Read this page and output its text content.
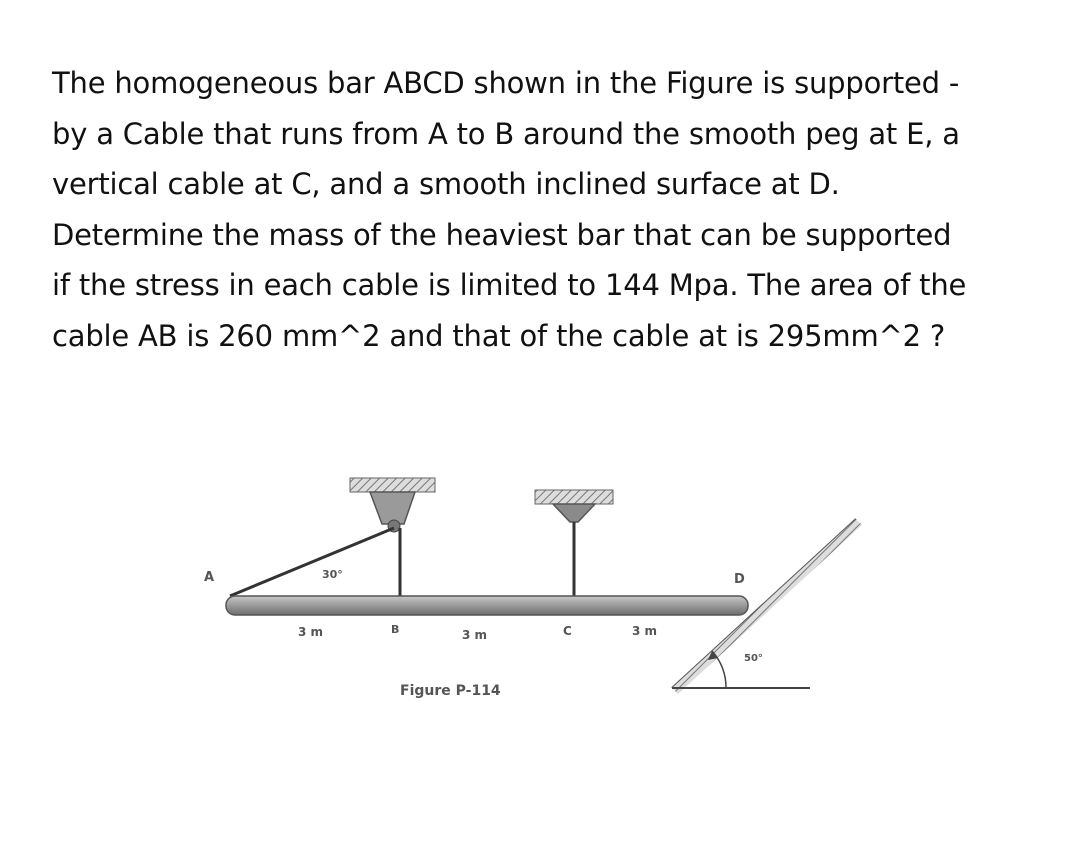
The homogeneous bar ABCD shown in the Figure is supported -
by a Cable that runs from A to B around the smooth peg at E, a
vertical cable at C, and a smooth inclined surface at D.
Determine the mass of the heaviest bar that can be supported
if the stress in each cable is limited to 144 Mpa. The area of the
cable AB is 260 mm^2 and that of the cable at is 295mm^2 ?
A
B	C
D
30°
50°
3 m	3 m	3 m
Figure P-114
